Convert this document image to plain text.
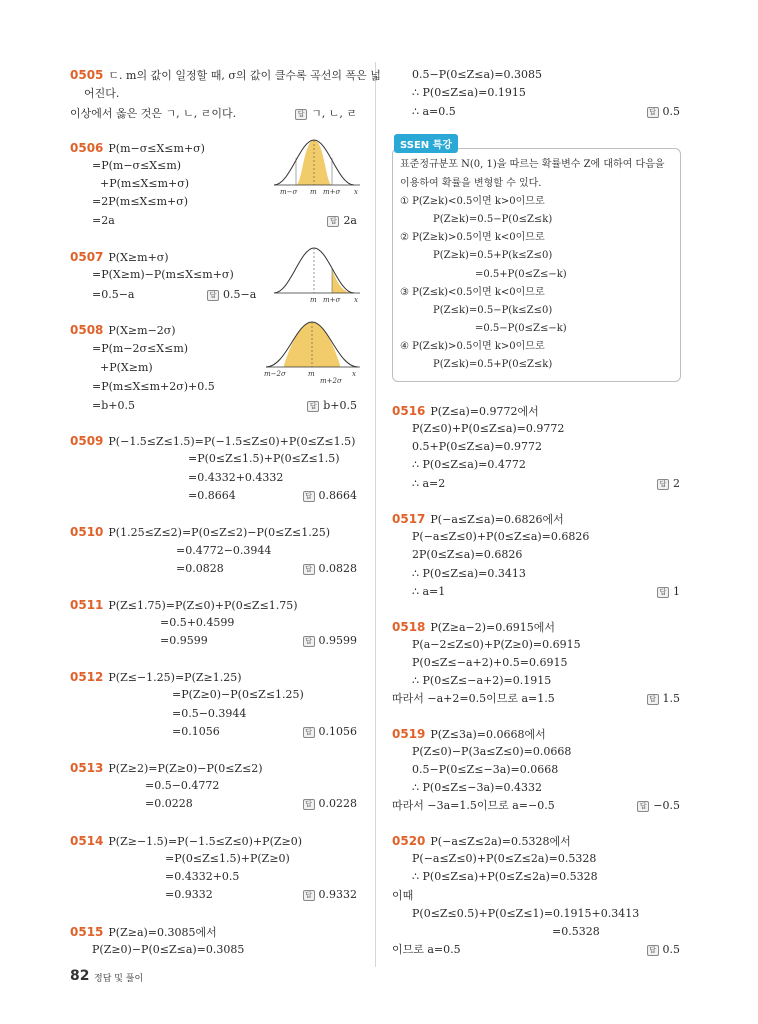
0505 ㄷ. m의 값이 일정할 때, σ의 값이 클수록 곡선의 폭은 넓
어진다.
이상에서 옳은 것은 ㄱ, ㄴ, ㄹ이다.	답 ㄱ, ㄴ, ㄹ
0506 P(m−σ≤X≤m+σ)
=P(m−σ≤X≤m)
+P(m≤X≤m+σ)
=2P(m≤X≤m+σ)
=2a	답 2a
m−σ m m+σ x
0507 P(X≥m+σ)
=P(X≥m)−P(m≤X≤m+σ)
=0.5−a	답 0.5−a	m m+σ x
0508 P(X≥m−2σ)
=P(m−2σ≤X≤m)
+P(X≥m)
=P(m≤X≤m+2σ)+0.5
=b+0.5	답 b+0.5
m−2σ	m
m+2σ
x
0509 P(−1.5≤Z≤1.5)=P(−1.5≤Z≤0)+P(0≤Z≤1.5)
=P(0≤Z≤1.5)+P(0≤Z≤1.5)
=0.4332+0.4332
=0.8664	답 0.8664
0510 P(1.25≤Z≤2)=P(0≤Z≤2)−P(0≤Z≤1.25)
=0.4772−0.3944
=0.0828	답 0.0828
0511 P(Z≤1.75)=P(Z≤0)+P(0≤Z≤1.75)
=0.5+0.4599
=0.9599	답 0.9599
0512 P(Z≤−1.25)=P(Z≥1.25)
=P(Z≥0)−P(0≤Z≤1.25)
=0.5−0.3944
=0.1056	답 0.1056
0513 P(Z≥2)=P(Z≥0)−P(0≤Z≤2)
=0.5−0.4772
=0.0228	답 0.0228
0514 P(Z≥−1.5)=P(−1.5≤Z≤0)+P(Z≥0)
=P(0≤Z≤1.5)+P(Z≥0)
=0.4332+0.5
=0.9332	답 0.9332
0515 P(Z≥a)=0.3085에서
P(Z≥0)−P(0≤Z≤a)=0.3085
0.5−P(0≤Z≤a)=0.3085
∴ P(0≤Z≤a)=0.1915
∴ a=0.5	답 0.5
SSEN 특강
표준정규분포 N(0, 1)을 따르는 확률변수 Z에 대하여 다음을
이용하여 확률을 변형할 수 있다.
① P(Z≥k)<0.5이면 k>0이므로
P(Z≥k)=0.5−P(0≤Z≤k)
② P(Z≥k)>0.5이면 k<0이므로
P(Z≥k)=0.5+P(k≤Z≤0)
=0.5+P(0≤Z≤−k)
③ P(Z≤k)<0.5이면 k<0이므로
P(Z≤k)=0.5−P(k≤Z≤0)
=0.5−P(0≤Z≤−k)
④ P(Z≤k)>0.5이면 k>0이므로
P(Z≤k)=0.5+P(0≤Z≤k)
0516 P(Z≤a)=0.9772에서
P(Z≤0)+P(0≤Z≤a)=0.9772
0.5+P(0≤Z≤a)=0.9772
∴ P(0≤Z≤a)=0.4772
∴ a=2	답 2
0517 P(−a≤Z≤a)=0.6826에서
P(−a≤Z≤0)+P(0≤Z≤a)=0.6826
2P(0≤Z≤a)=0.6826
∴ P(0≤Z≤a)=0.3413
∴ a=1	답 1
0518 P(Z≥a−2)=0.6915에서
P(a−2≤Z≤0)+P(Z≥0)=0.6915
P(0≤Z≤−a+2)+0.5=0.6915
∴ P(0≤Z≤−a+2)=0.1915
따라서 −a+2=0.5이므로 a=1.5	답 1.5
0519 P(Z≤3a)=0.0668에서
P(Z≤0)−P(3a≤Z≤0)=0.0668
0.5−P(0≤Z≤−3a)=0.0668
∴ P(0≤Z≤−3a)=0.4332
따라서 −3a=1.5이므로 a=−0.5	답 −0.5
0520 P(−a≤Z≤2a)=0.5328에서
P(−a≤Z≤0)+P(0≤Z≤2a)=0.5328
∴ P(0≤Z≤a)+P(0≤Z≤2a)=0.5328
이때
P(0≤Z≤0.5)+P(0≤Z≤1)=0.1915+0.3413
=0.5328
이므로 a=0.5	답 0.5
82 정답 및 풀이
